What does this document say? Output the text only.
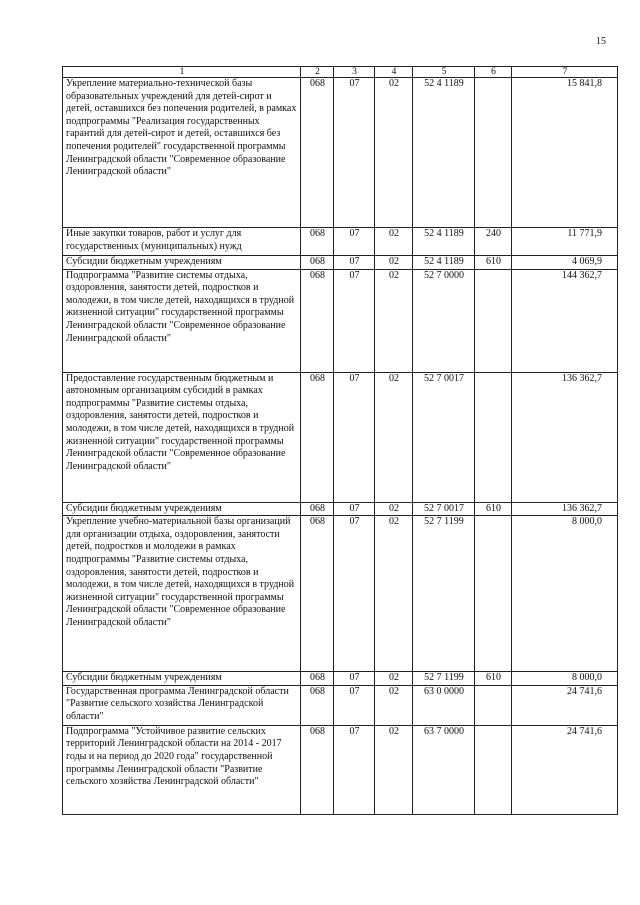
15
1	2	3	4	5	6	7
Укрепление материально-технической базы образовательных учреждений для детей-сирот и детей, оставшихся без попечения родителей, в рамках подпрограммы "Реализация государственных гарантий для детей-сирот и детей, оставшихся без попечения родителей" государственной программы Ленинградской области "Современное образование Ленинградской области"	068	07	02	52 4 1189		15 841,8
Иные закупки товаров, работ и услуг для государственных (муниципальных) нужд	068	07	02	52 4 1189	240	11 771,9
Субсидии бюджетным учреждениям	068	07	02	52 4 1189	610	4 069,9
Подпрограмма "Развитие системы отдыха, оздоровления, занятости детей, подростков и молодежи, в том числе детей, находящихся в трудной жизненной ситуации" государственной программы Ленинградской области "Современное образование Ленинградской области"	068	07	02	52 7 0000		144 362,7
Предоставление государственным бюджетным и автономным организациям субсидий в рамках подпрограммы "Развитие системы отдыха, оздоровления, занятости детей, подростков и молодежи, в том числе детей, находящихся в трудной жизненной ситуации" государственной программы Ленинградской области "Современное образование Ленинградской области"	068	07	02	52 7 0017		136 362,7
Субсидии бюджетным учреждениям	068	07	02	52 7 0017	610	136 362,7
Укрепление учебно-материальной базы организаций для организации отдыха, оздоровления, занятости детей, подростков и молодежи в рамках подпрограммы "Развитие системы отдыха, оздоровления, занятости детей, подростков и молодежи, в том числе детей, находящихся в трудной жизненной ситуации" государственной программы Ленинградской области "Современное образование Ленинградской области"	068	07	02	52 7 1199		8 000,0
Субсидии бюджетным учреждениям	068	07	02	52 7 1199	610	8 000,0
Государственная программа Ленинградской области "Развитие сельского хозяйства Ленинградской области"	068	07	02	63 0 0000		24 741,6
Подпрограмма "Устойчивое развитие сельских территорий Ленинградской области на 2014 - 2017 годы и на период до 2020 года" государственной программы Ленинградской области "Развитие сельского хозяйства Ленинградской области"	068	07	02	63 7 0000		24 741,6
